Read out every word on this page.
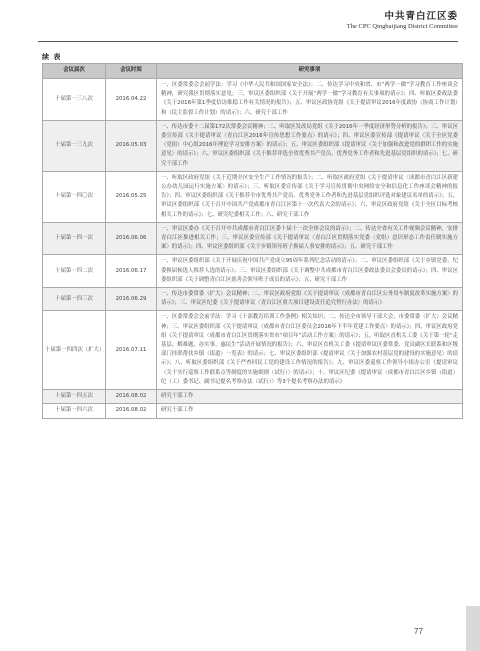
中共青白江区委
The CPC Qingbaijiang District Committee
续 表
会议届次	会议时间	研究事项
十届第一三八次	2016.04.22	一、区委常委会会前学法：学习《中华人民共和国国家安全法》；二、传达学习中央和省、市“两学一做”学习教育工作座谈会精神，研究我区贯彻落实意见；三、审议区委组织部《关于开展“两学一做”学习教育有关事项的请示》；四、听取区委政法委《关于2016年第1季度信访维稳工作有关情况的报告》；五、审议区政协党组《关于提请审议2016年度政协（协商工作计划）和（民主监督工作计划）的请示》；六、研究干部工作
十届第一三九次	2016.05.03	一、传达市委十二届第172次常委会议精神；二、听取区发改局党组《关于2016年一季度经济形势分析的报告》；三、审议区委宣传部《关于提请审议〈青白江区2016年宣传思想工作要点〉的请示》；四、审议区委宣传部《提请审议〈关于全区党委（党组）中心组2016年理论学习安排方案〉的请示》；五、审议区委组织部《提请审议〈关于加强和改进党的群团工作的实施意见〉的请示》；六、审议区委组织部《关于推荐评选全省优秀共产党员、优秀党务工作者和先进基层党组织的请示》；七、研究干部工作
十届第一四〇次	2016.05.25	一、听取区政府党组《关于近期全区安全生产工作情况的报告》；二、听取区政府党组《关于提请审议〈成都市青白江区新建公办幼儿园运行实施方案〉的请示》；三、听取区委宣传部《关于学习宣传贯彻中央网络安全和信息化工作座谈会精神的报告》；四、审议区委组织部《关于推荐全市优秀共产党员、优秀党务工作者和先进基层党组织评选对象建议名单的请示》；五、审议区委组织部《关于召开中国共产党成都市青白江区第十一次代表大会的请示》；六、审议区政府党组《关于全区目标考核相关工作的请示》；七、研究纪委相关工作；八、研究干部工作
十届第一四一次	2016.06.06	一、审议区委办《关于召开中共成都市青白江区委十届十一次全体会议的请示》；二、传达全省有关工作视频会议精神，安排青白江区推进相关工作；三、审议区委宣传部《关于提请审议〈青白江区贯彻落实党委（党组）意识形态工作责任制实施方案〉的请示》；四、审议区委组织部《关于乡镇领导班子换届人事安排的请示》；五、研究干部工作
十届第一四二次	2016.06.17	一、审议区委组织部《关于开展庆祝中国共产党成立95周年系列纪念活动的请示》；二、审议区委组织部《关于乡镇党委、纪委换届候选人推荐人选的请示》；三、审议区委组织部《关于调整中共成都市青白江区委政法委员会委员的请示》；四、审议区委组织部《关于调整青白江区慈善会领导班子成员的请示》；五、研究干部工作
十届第一四三次	2016.06.29	一、传达市委常委（扩大）会议精神；二、审议区政府党组《关于提请审议〈成都市青白江区公务用车制度改革实施方案〉的请示》；三、审议区纪委《关于提请审议〈青白江区重大项目建设责任追究暂行办法〉的请示》
十届第一四四次（扩大）	2016.07.11	一、区委常委会会前学法：学习《干部教育培训工作条例》相关知识；二、传达全市领导干部大会、市委常委（扩大）会议精神；三、审议区委组织部《关于提请审议〈成都市青白江区委员会2016年下半年党建工作要点〉的请示》；四、审议区政府党组《关于提请审议〈成都市青白江区贯彻落实省市“项目年”活动工作方案〉的请示》；五、听取区直机关工委《关于第一轮“走基层、解难题、办实事、惠民生”活动开展情况的报告》；六、审议区直机关工委《提请审议区委常委、党员副区长联系和区级部门挂联帮扶乡镇（街道）一览表》的请示；七、审议区委组织部《提请审议〈关于加强农村基层党的建设的实施意见〉的请示》；八、听取区委组织部《关于严查回民工党的建设工作情况的报告》；九、审议区委巡察工作领导小组办公室《提请审议〈关于实行巡察工作联系点等制度的实施细则（试行）〉的请示》；十、审议区纪委《提请审议〈成都市青白江区乡镇（街道）纪（工）委书记、副书记提名考察办法（试行）〉等3个提名考察办法的请示》
十届第一四五次	2016.08.02	研究干部工作
十届第一四六次	2016.08.02	研究干部工作
77
